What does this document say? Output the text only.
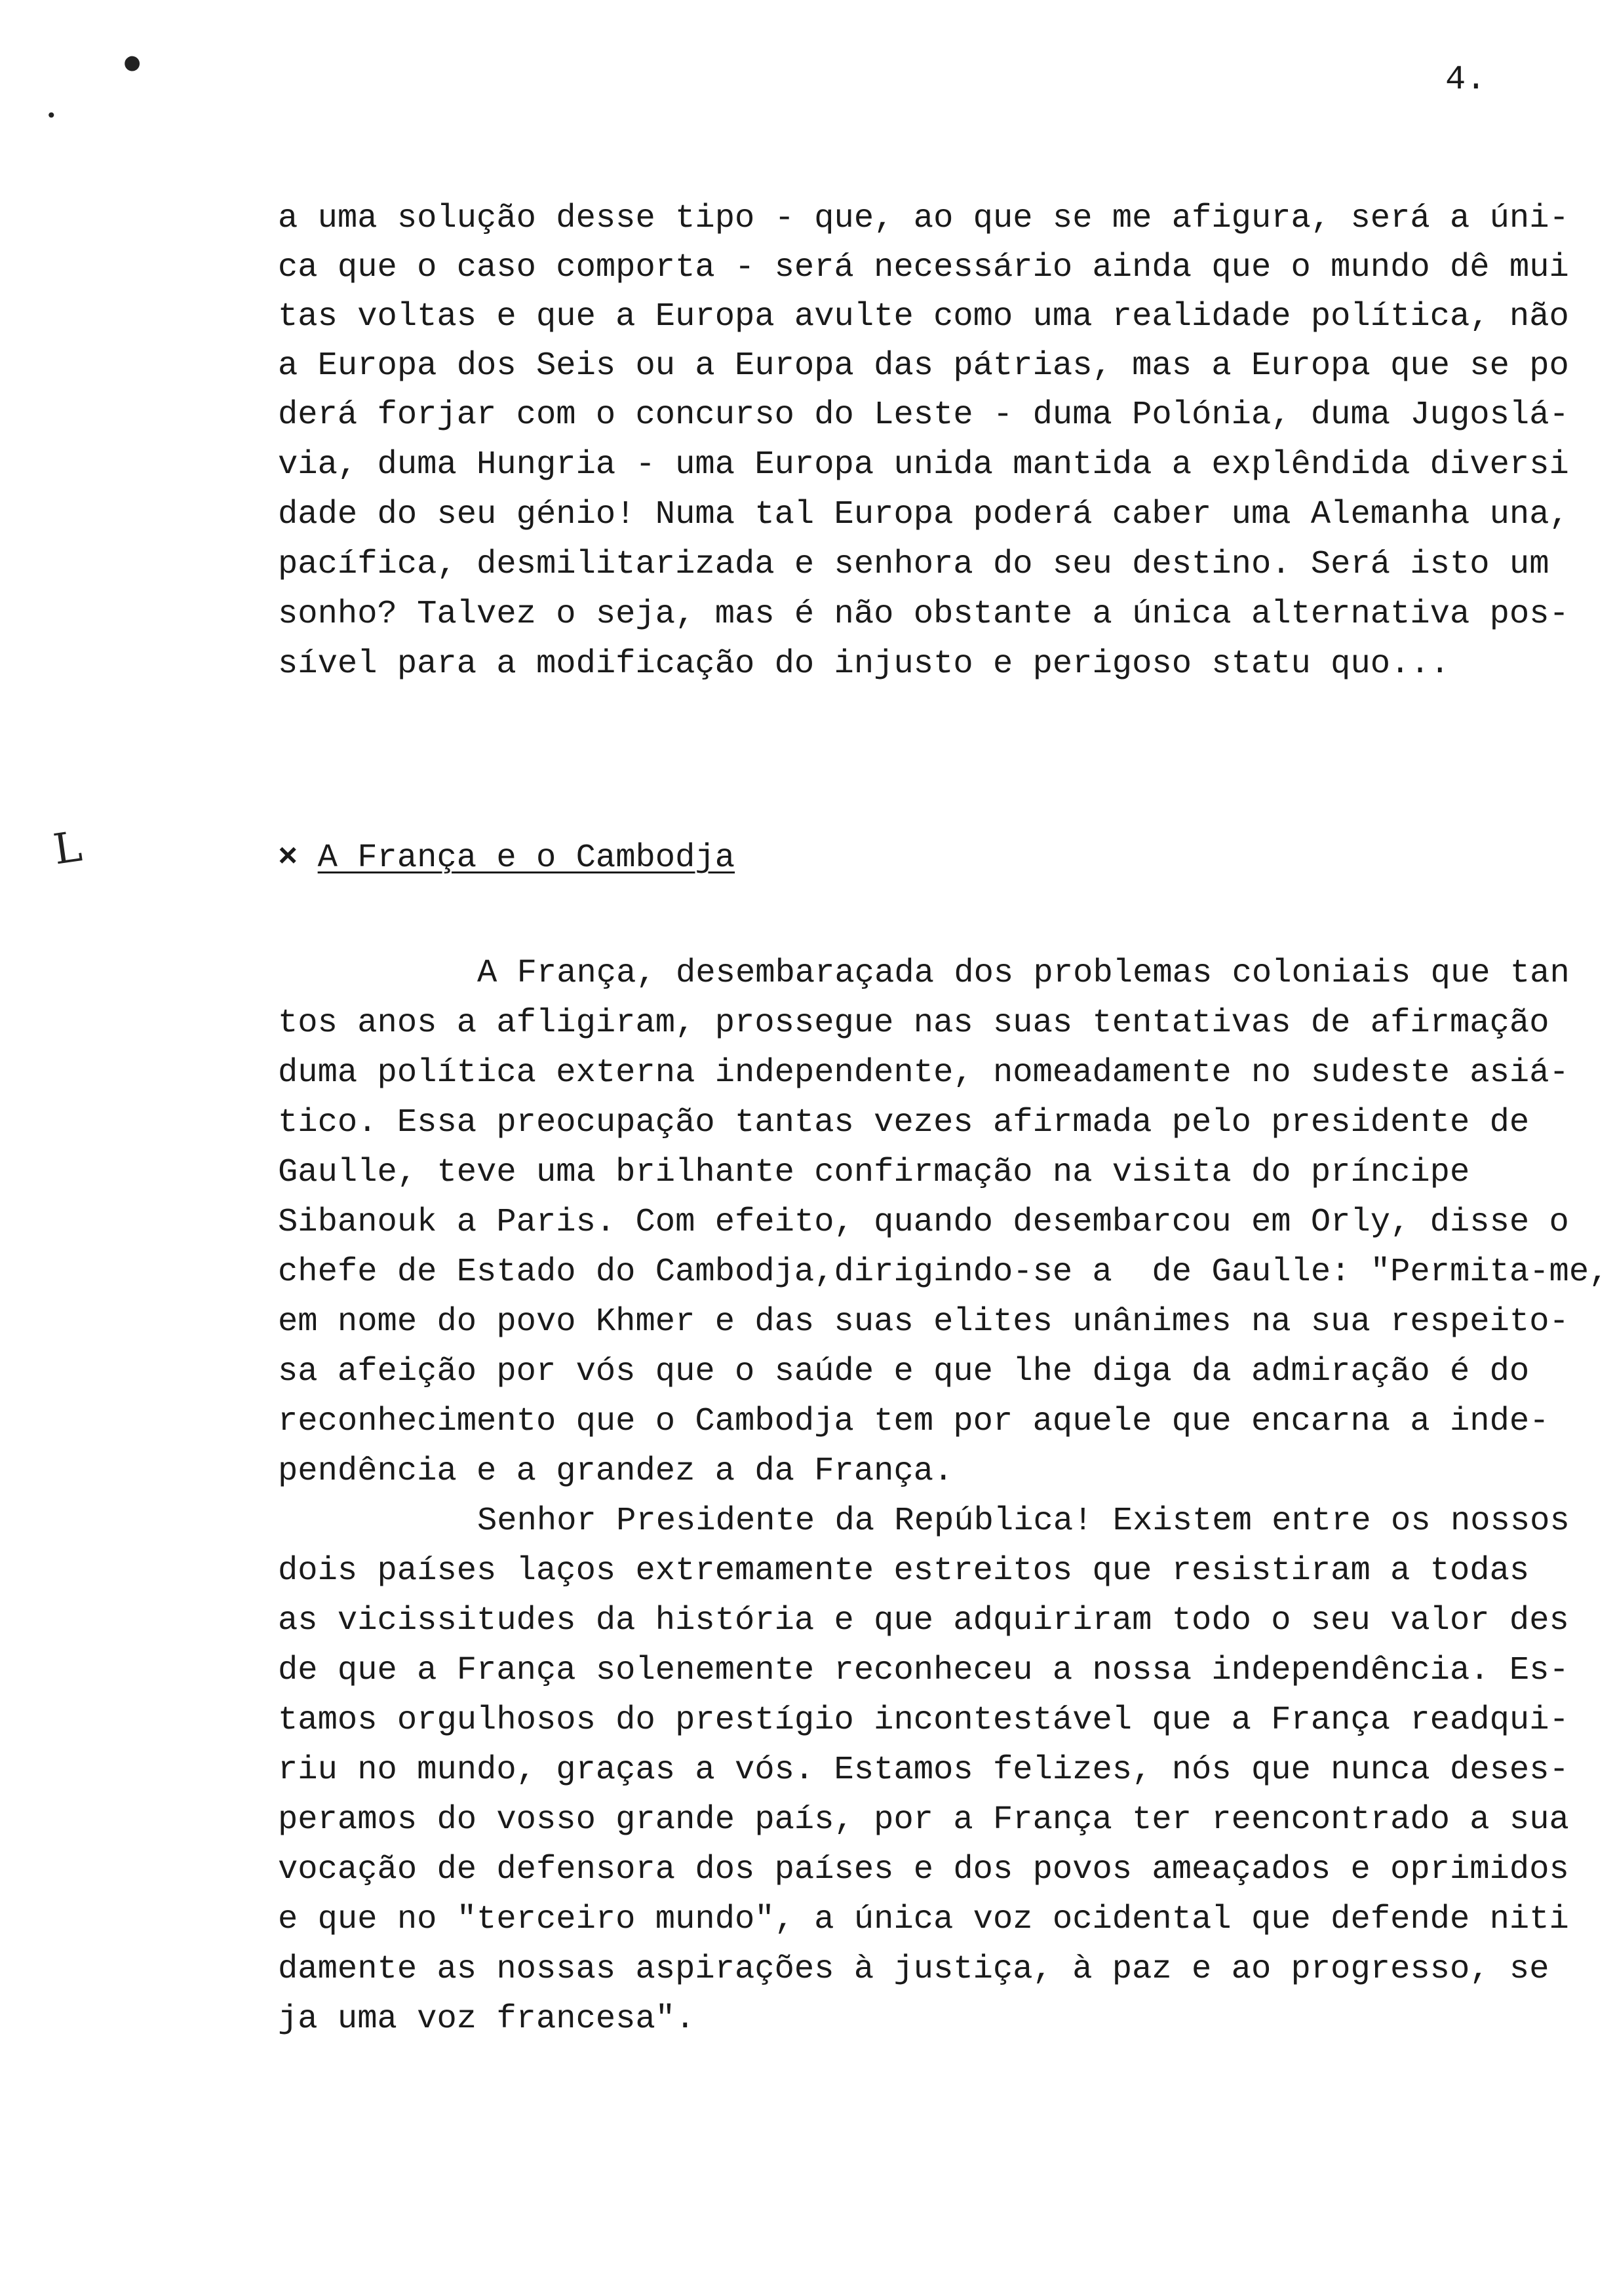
●
•
L
4.
a uma solução desse tipo - que, ao que se me afigura, será a úni-
ca que o caso comporta - será necessário ainda que o mundo dê mui
tas voltas e que a Europa avulte como uma realidade política, não
a Europa dos Seis ou a Europa das pátrias, mas a Europa que se po
derá forjar com o concurso do Leste - duma Polónia, duma Jugoslá-
via, duma Hungria - uma Europa unida mantida a explêndida diversi
dade do seu génio! Numa tal Europa poderá caber uma Alemanha una,
pacífica, desmilitarizada e senhora do seu destino. Será isto um
sonho? Talvez o seja, mas é não obstante a única alternativa pos-
sível para a modificação do injusto e perigoso statu quo...
× A França e o Cambodja
A França, desembaraçada dos problemas coloniais que tan
tos anos a afligiram, prossegue nas suas tentativas de afirmação
duma política externa independente, nomeadamente no sudeste asiá-
tico. Essa preocupação tantas vezes afirmada pelo presidente de
Gaulle, teve uma brilhante confirmação na visita do príncipe
Sibanouk a Paris. Com efeito, quando desembarcou em Orly, disse o
chefe de Estado do Cambodja,dirigindo-se a  de Gaulle: "Permita-me,
em nome do povo Khmer e das suas elites unânimes na sua respeito-
sa afeição por vós que o saúde e que lhe diga da admiração é do
reconhecimento que o Cambodja tem por aquele que encarna a inde-
pendência e a grandez a da França.
Senhor Presidente da República! Existem entre os nossos
dois países laços extremamente estreitos que resistiram a todas
as vicissitudes da história e que adquiriram todo o seu valor des
de que a França solenemente reconheceu a nossa independência. Es-
tamos orgulhosos do prestígio incontestável que a França readqui-
riu no mundo, graças a vós. Estamos felizes, nós que nunca deses-
peramos do vosso grande país, por a França ter reencontrado a sua
vocação de defensora dos países e dos povos ameaçados e oprimidos
e que no "terceiro mundo", a única voz ocidental que defende niti
damente as nossas aspirações à justiça, à paz e ao progresso, se
ja uma voz francesa".
